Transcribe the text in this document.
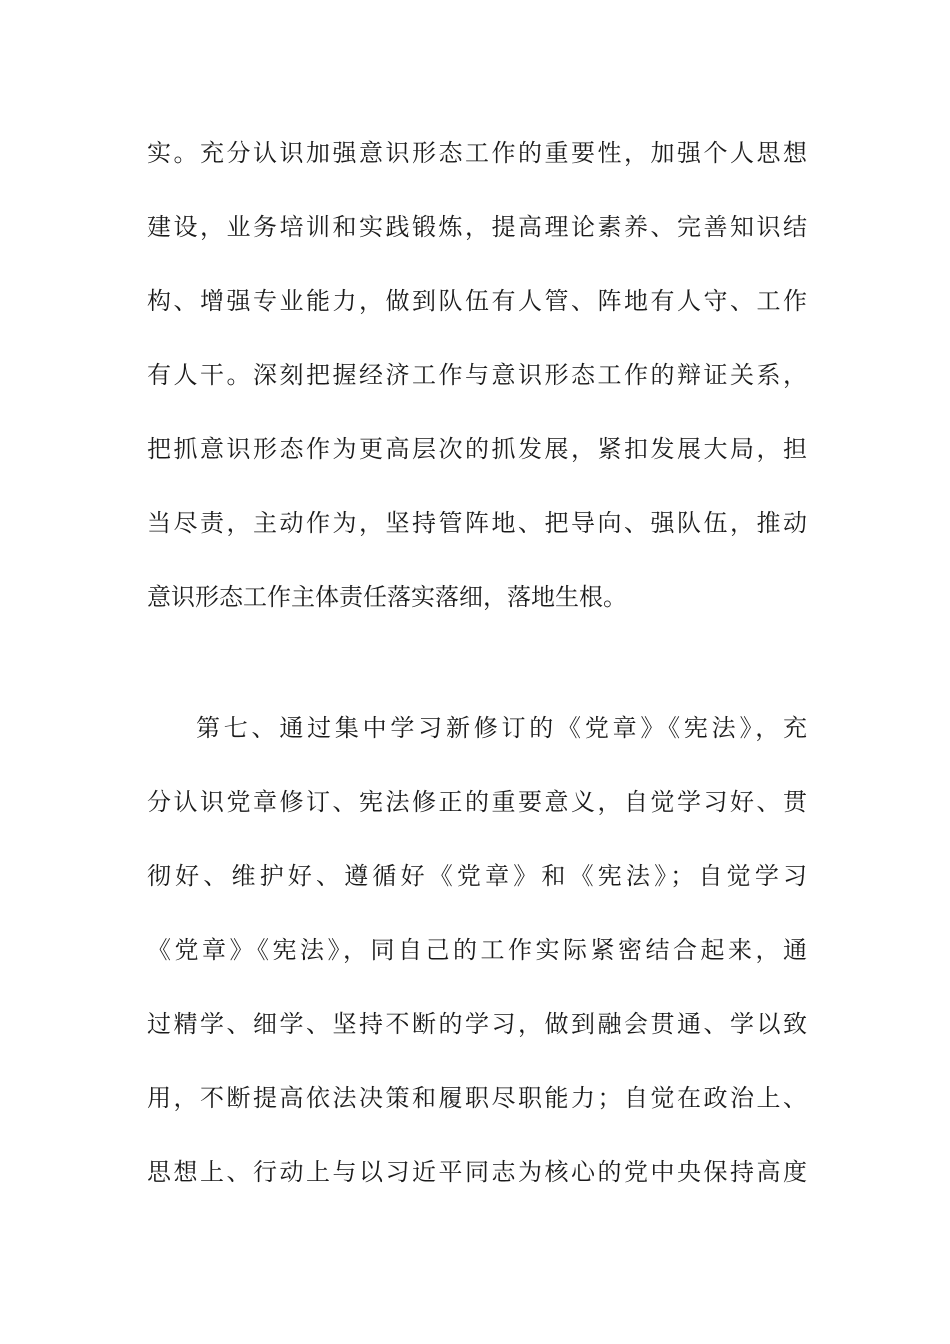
实。充分认识加强意识形态工作的重要性，加强个人思想
建设，业务培训和实践锻炼，提高理论素养、完善知识结
构、增强专业能力，做到队伍有人管、阵地有人守、工作
有人干。深刻把握经济工作与意识形态工作的辩证关系，
把抓意识形态作为更高层次的抓发展，紧扣发展大局，担
当尽责，主动作为，坚持管阵地、把导向、强队伍，推动
意识形态工作主体责任落实落细，落地生根。
第七、通过集中学习新修订的《党章》《宪法》，充
分认识党章修订、宪法修正的重要意义，自觉学习好、贯
彻好、维护好、遵循好《党章》和《宪法》；自觉学习
《党章》《宪法》，同自己的工作实际紧密结合起来，通
过精学、细学、坚持不断的学习，做到融会贯通、学以致
用，不断提高依法决策和履职尽职能力；自觉在政治上、
思想上、行动上与以习近平同志为核心的党中央保持高度
